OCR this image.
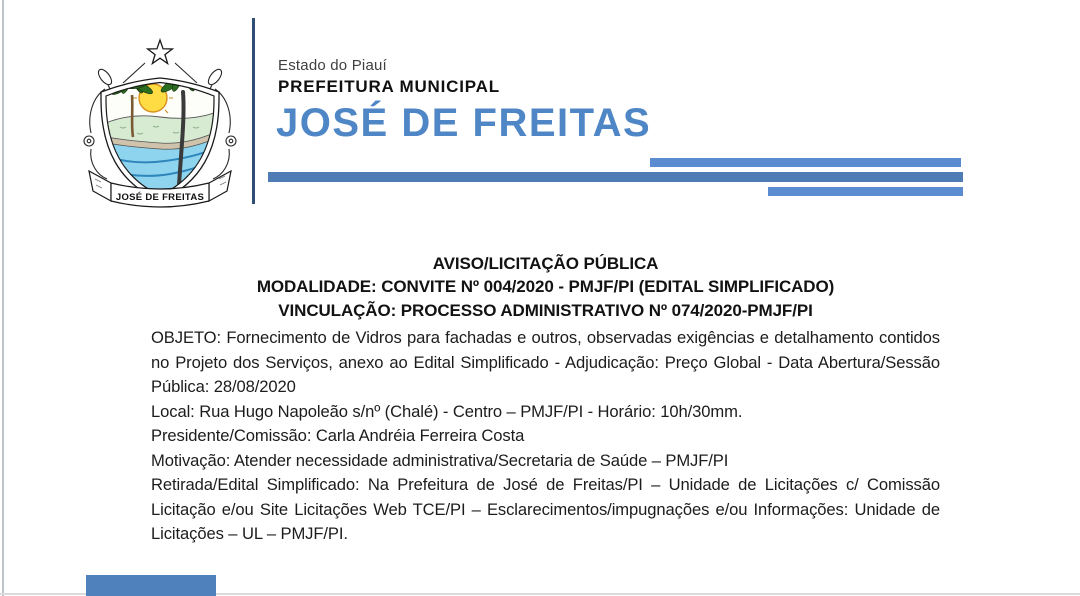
JOSÉ DE FREITAS
Estado do Piauí
PREFEITURA MUNICIPAL
JOSÉ DE FREITAS
AVISO/LICITAÇÃO PÚBLICA
MODALIDADE: CONVITE Nº 004/2020 - PMJF/PI (EDITAL SIMPLIFICADO)
VINCULAÇÃO: PROCESSO ADMINISTRATIVO Nº 074/2020-PMJF/PI

OBJETO: Fornecimento de Vidros para fachadas e outros, observadas exigências e detalhamento contidos no Projeto dos Serviços, anexo ao Edital Simplificado - Adjudicação: Preço Global - Data Abertura/Sessão Pública: 28/08/2020

Local: Rua Hugo Napoleão s/nº (Chalé) - Centro – PMJF/PI - Horário: 10h/30mm.

Presidente/Comissão: Carla Andréia Ferreira Costa

Motivação: Atender necessidade administrativa/Secretaria de Saúde – PMJF/PI

Retirada/Edital Simplificado: Na Prefeitura de José de Freitas/PI – Unidade de Licitações c/ Comissão Licitação e/ou Site Licitações Web TCE/PI – Esclarecimentos/impugnações e/ou Informações: Unidade de Licitações – UL – PMJF/PI.
